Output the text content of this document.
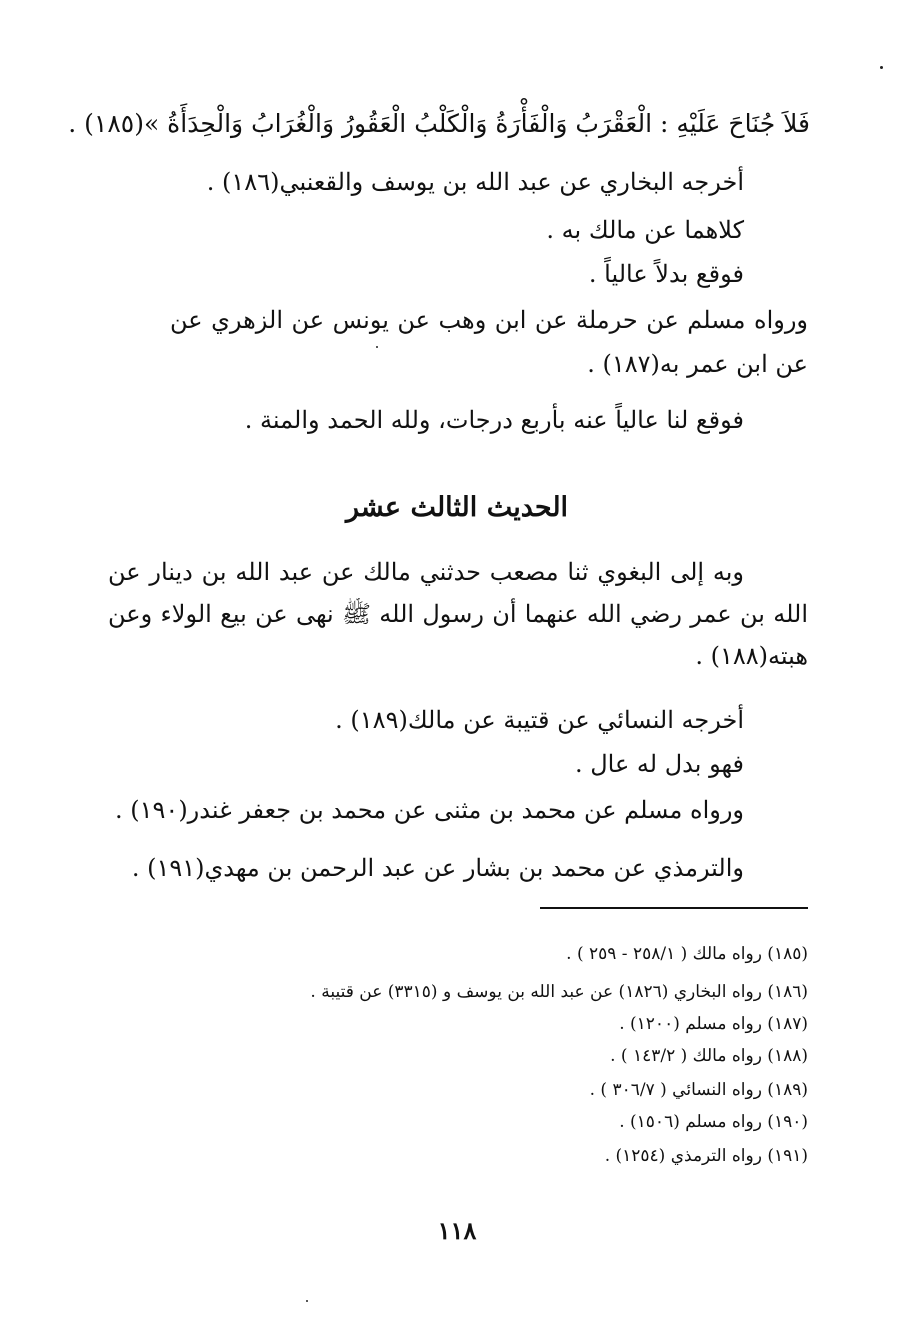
فَلاَ جُنَاحَ عَلَيْهِ : الْعَقْرَبُ وَالْفَأْرَةُ وَالْكَلْبُ الْعَقُورُ وَالْغُرَابُ وَالْحِدَأَةُ »(١٨٥) .
أخرجه البخاري عن عبد الله بن يوسف والقعنبي(١٨٦) .
كلاهما عن مالك به .
فوقع بدلاً عالياً .
ورواه مسلم عن حرملة عن ابن وهب عن يونس عن الزهري عن
عن ابن عمر به(١٨٧) .
فوقع لنا عالياً عنه بأربع درجات، ولله الحمد والمنة .
الحديث الثالث عشر
وبه إلى البغوي ثنا مصعب حدثني مالك عن عبد الله بن دينار عن
الله بن عمر رضي الله عنهما أن رسول الله ﷺ نهى عن بيع الولاء وعن
هبته(١٨٨) .
أخرجه النسائي عن قتيبة عن مالك(١٨٩) .
فهو بدل له عال .
ورواه مسلم عن محمد بن مثنى عن محمد بن جعفر غندر(١٩٠) .
والترمذي عن محمد بن بشار عن عبد الرحمن بن مهدي(١٩١) .
(١٨٥) رواه مالك ( ٢٥٨/١ - ٢٥٩ ) .
(١٨٦) رواه البخاري (١٨٢٦) عن عبد الله بن يوسف و (٣٣١٥) عن قتيبة .
(١٨٧) رواه مسلم (١٢٠٠) .
(١٨٨) رواه مالك ( ١٤٣/٢ ) .
(١٨٩) رواه النسائي ( ٣٠٦/٧ ) .
(١٩٠) رواه مسلم (١٥٠٦) .
(١٩١) رواه الترمذي (١٢٥٤) .
١١٨
